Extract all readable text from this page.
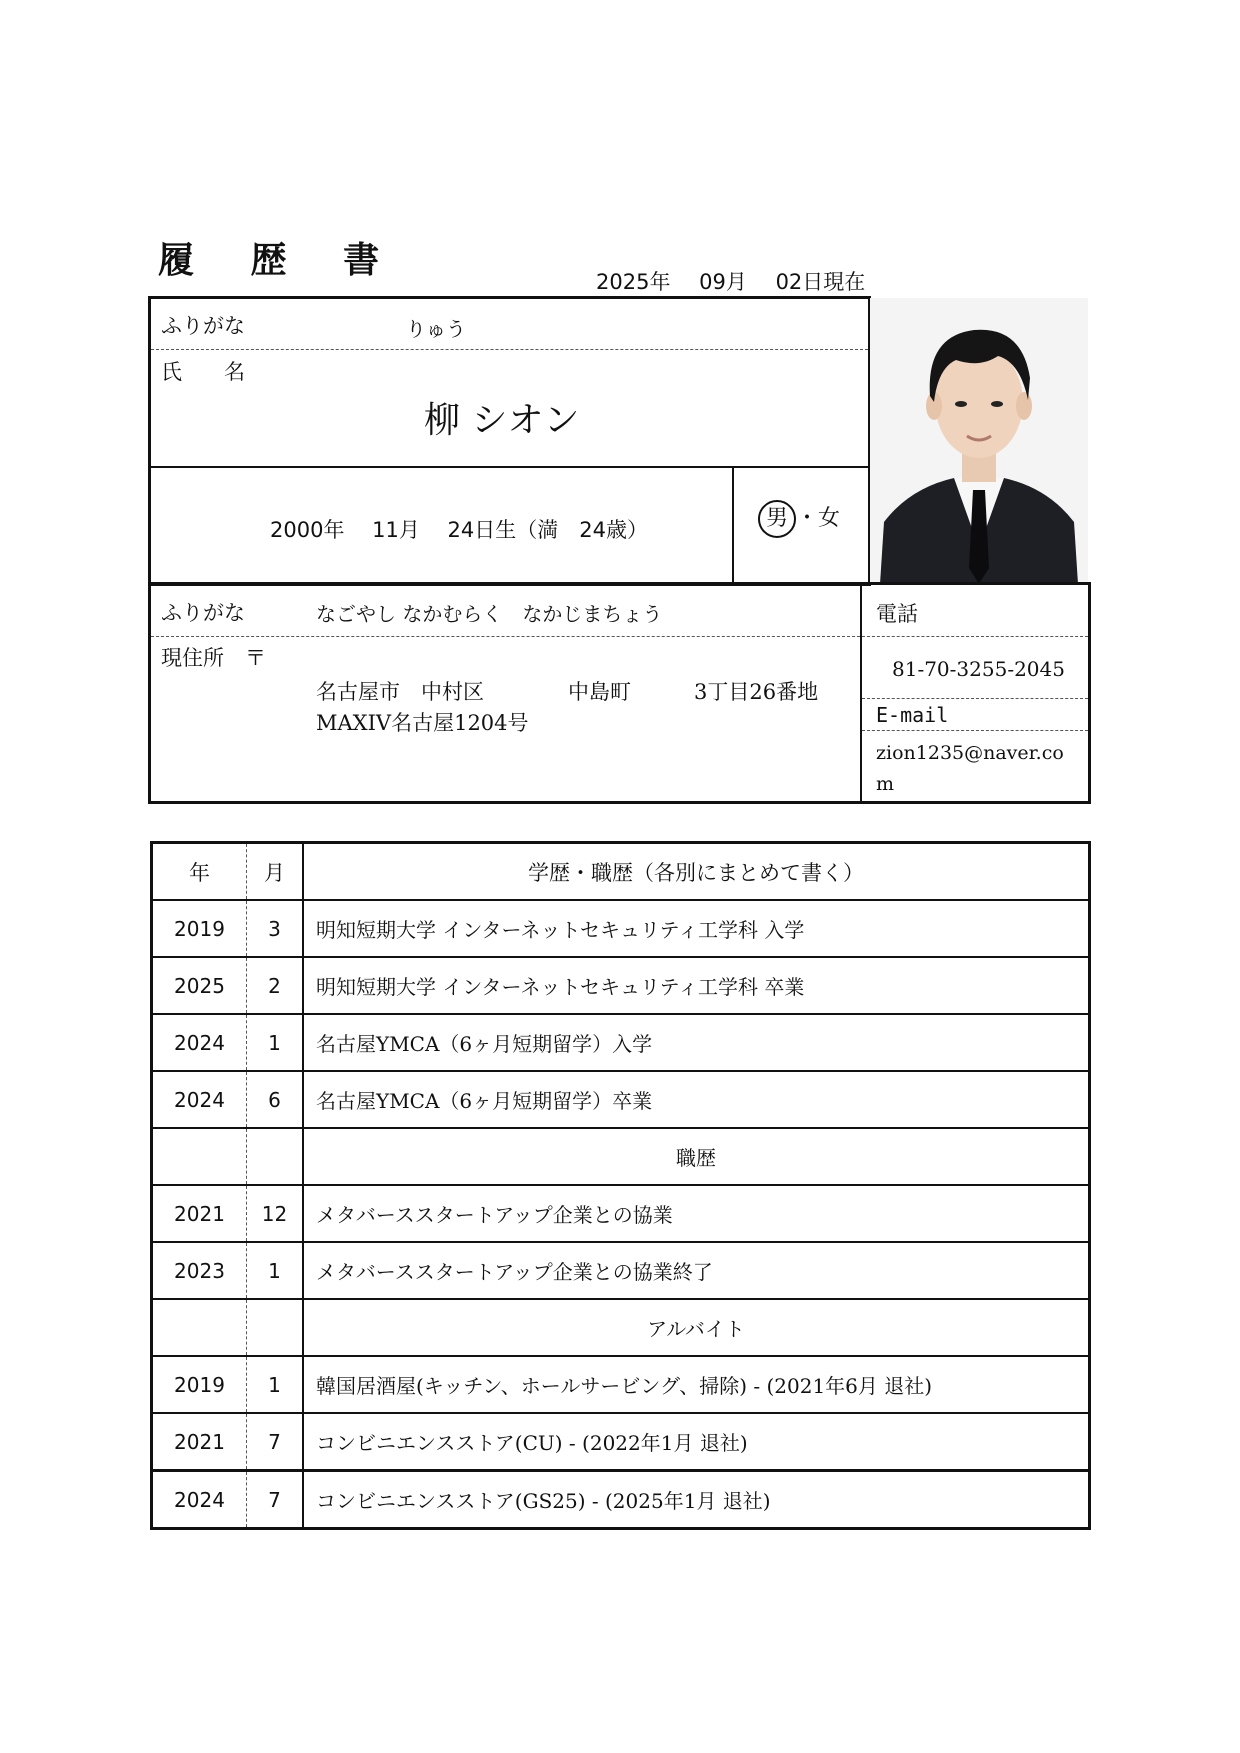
履 歴 書
2025年 09月 02日現在
ふりがな	りゅう
氏　　名
柳 シオン
2000年　 11月　 24日生（満　24歳）	男 ・女
ふりがな	なごやし なかむらく　なかじまちょう
現住所　〒
名古屋市　中村区　　　　中島町　　　3丁目26番地
MAXIV名古屋1204号
電話
81-70-3255-2045
E-mail
zion1235@naver.co
m
年	月	学歴・職歴（各別にまとめて書く）
2019	3	明知短期大学 インターネットセキュリティ工学科 入学
2025	2	明知短期大学 インターネットセキュリティ工学科 卒業
2024	1	名古屋YMCA（6ヶ月短期留学）入学
2024	6	名古屋YMCA（6ヶ月短期留学）卒業
		職歴
2021	12	メタバーススタートアップ企業との協業
2023	1	メタバーススタートアップ企業との協業終了
		アルバイト
2019	1	韓国居酒屋(キッチン、ホールサービング、掃除) - (2021年6月 退社)
2021	7	コンビニエンスストア(CU) - (2022年1月 退社)
2024	7	コンビニエンスストア(GS25) - (2025年1月 退社)
